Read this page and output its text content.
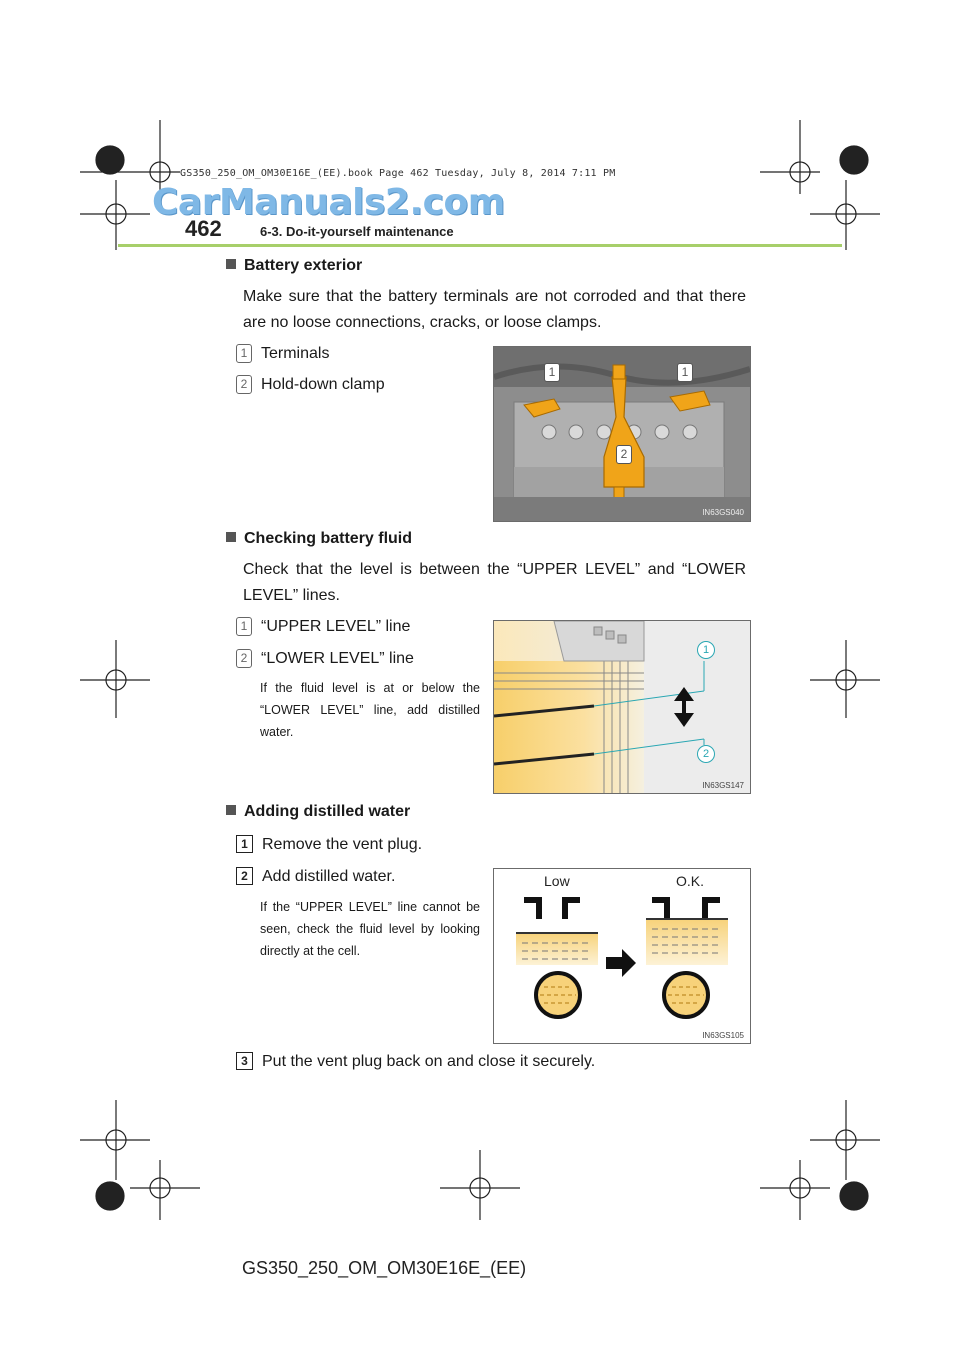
GS350_250_OM_OM30E16E_(EE).book Page 462 Tuesday, July 8, 2014 7:11 PM
CarManuals2.com
462	6-3. Do-it-yourself maintenance
Battery exterior
Make sure that the battery terminals are not corroded and that there are no loose connections, cracks, or loose clamps.
1 Terminals
2 Hold-down clamp
1	1
2
IN63GS040
Checking battery fluid
Check that the level is between the “UPPER LEVEL” and “LOWER LEVEL” lines.
1 “UPPER LEVEL” line
2 “LOWER LEVEL” line
If the fluid level is at or below the “LOWER LEVEL” line, add distilled water.
1
2
IN63GS147
Adding distilled water
1 Remove the vent plug.
2 Add distilled water.
If the “UPPER LEVEL” line cannot be seen, check the fluid level by looking directly at the cell.
Low	O.K.
IN63GS105
3 Put the vent plug back on and close it securely.
GS350_250_OM_OM30E16E_(EE)
